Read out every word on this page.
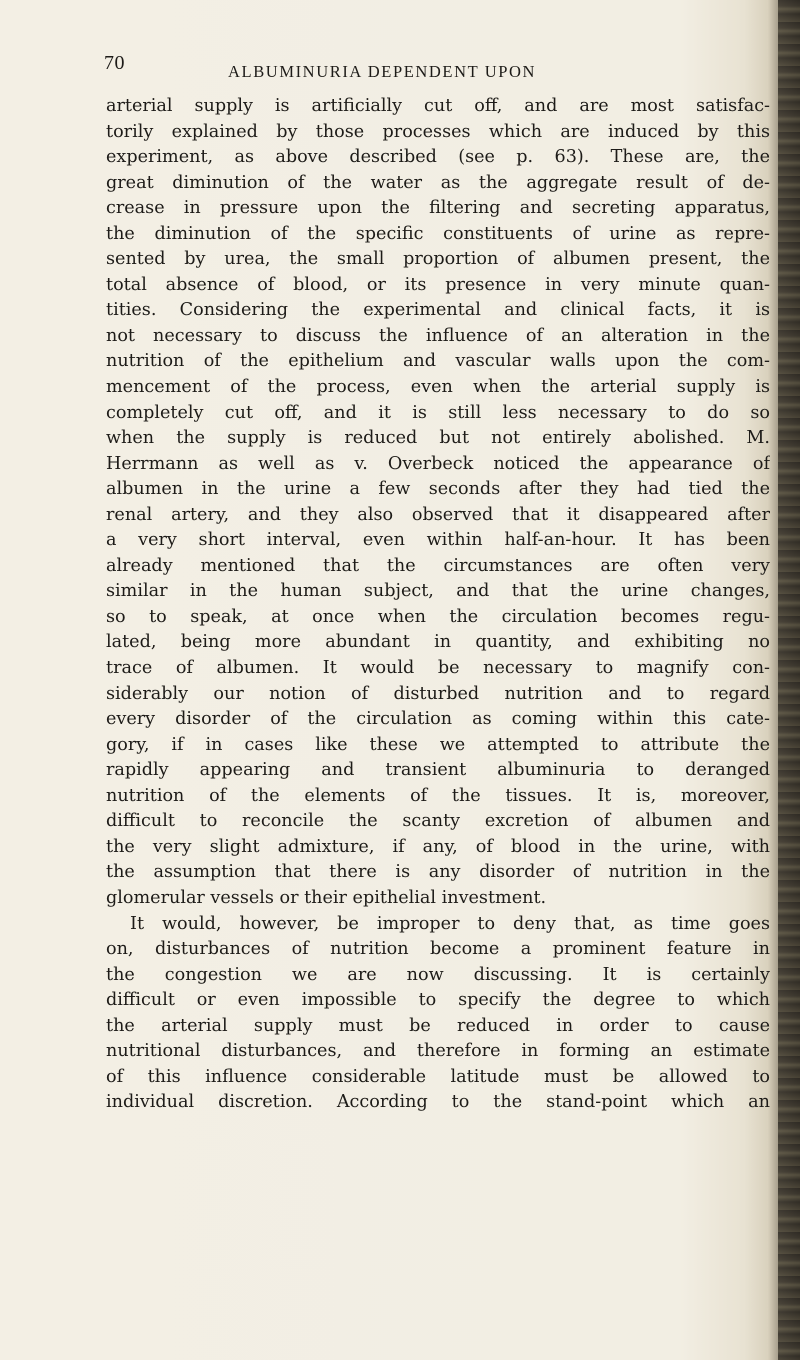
70	ALBUMINURIA DEPENDENT UPON
arterial supply is artificially cut off, and are most satisfac-
torily explained by those processes which are induced by this
experiment, as above described (see p. 63). These are, the
great diminution of the water as the aggregate result of de-
crease in pressure upon the filtering and secreting apparatus,
the diminution of the specific constituents of urine as repre-
sented by urea, the small proportion of albumen present, the
total absence of blood, or its presence in very minute quan-
tities. Considering the experimental and clinical facts, it is
not necessary to discuss the influence of an alteration in the
nutrition of the epithelium and vascular walls upon the com-
mencement of the process, even when the arterial supply is
completely cut off, and it is still less necessary to do so
when the supply is reduced but not entirely abolished. M.
Herrmann as well as v. Overbeck noticed the appearance of
albumen in the urine a few seconds after they had tied the
renal artery, and they also observed that it disappeared after
a very short interval, even within half-an-hour. It has been
already mentioned that the circumstances are often very
similar in the human subject, and that the urine changes,
so to speak, at once when the circulation becomes regu-
lated, being more abundant in quantity, and exhibiting no
trace of albumen. It would be necessary to magnify con-
siderably our notion of disturbed nutrition and to regard
every disorder of the circulation as coming within this cate-
gory, if in cases like these we attempted to attribute the
rapidly appearing and transient albuminuria to deranged
nutrition of the elements of the tissues. It is, moreover,
difficult to reconcile the scanty excretion of albumen and
the very slight admixture, if any, of blood in the urine, with
the assumption that there is any disorder of nutrition in the
glomerular vessels or their epithelial investment.
It would, however, be improper to deny that, as time goes
on, disturbances of nutrition become a prominent feature in
the congestion we are now discussing. It is certainly
difficult or even impossible to specify the degree to which
the arterial supply must be reduced in order to cause
nutritional disturbances, and therefore in forming an estimate
of this influence considerable latitude must be allowed to
individual discretion. According to the stand-point which an
